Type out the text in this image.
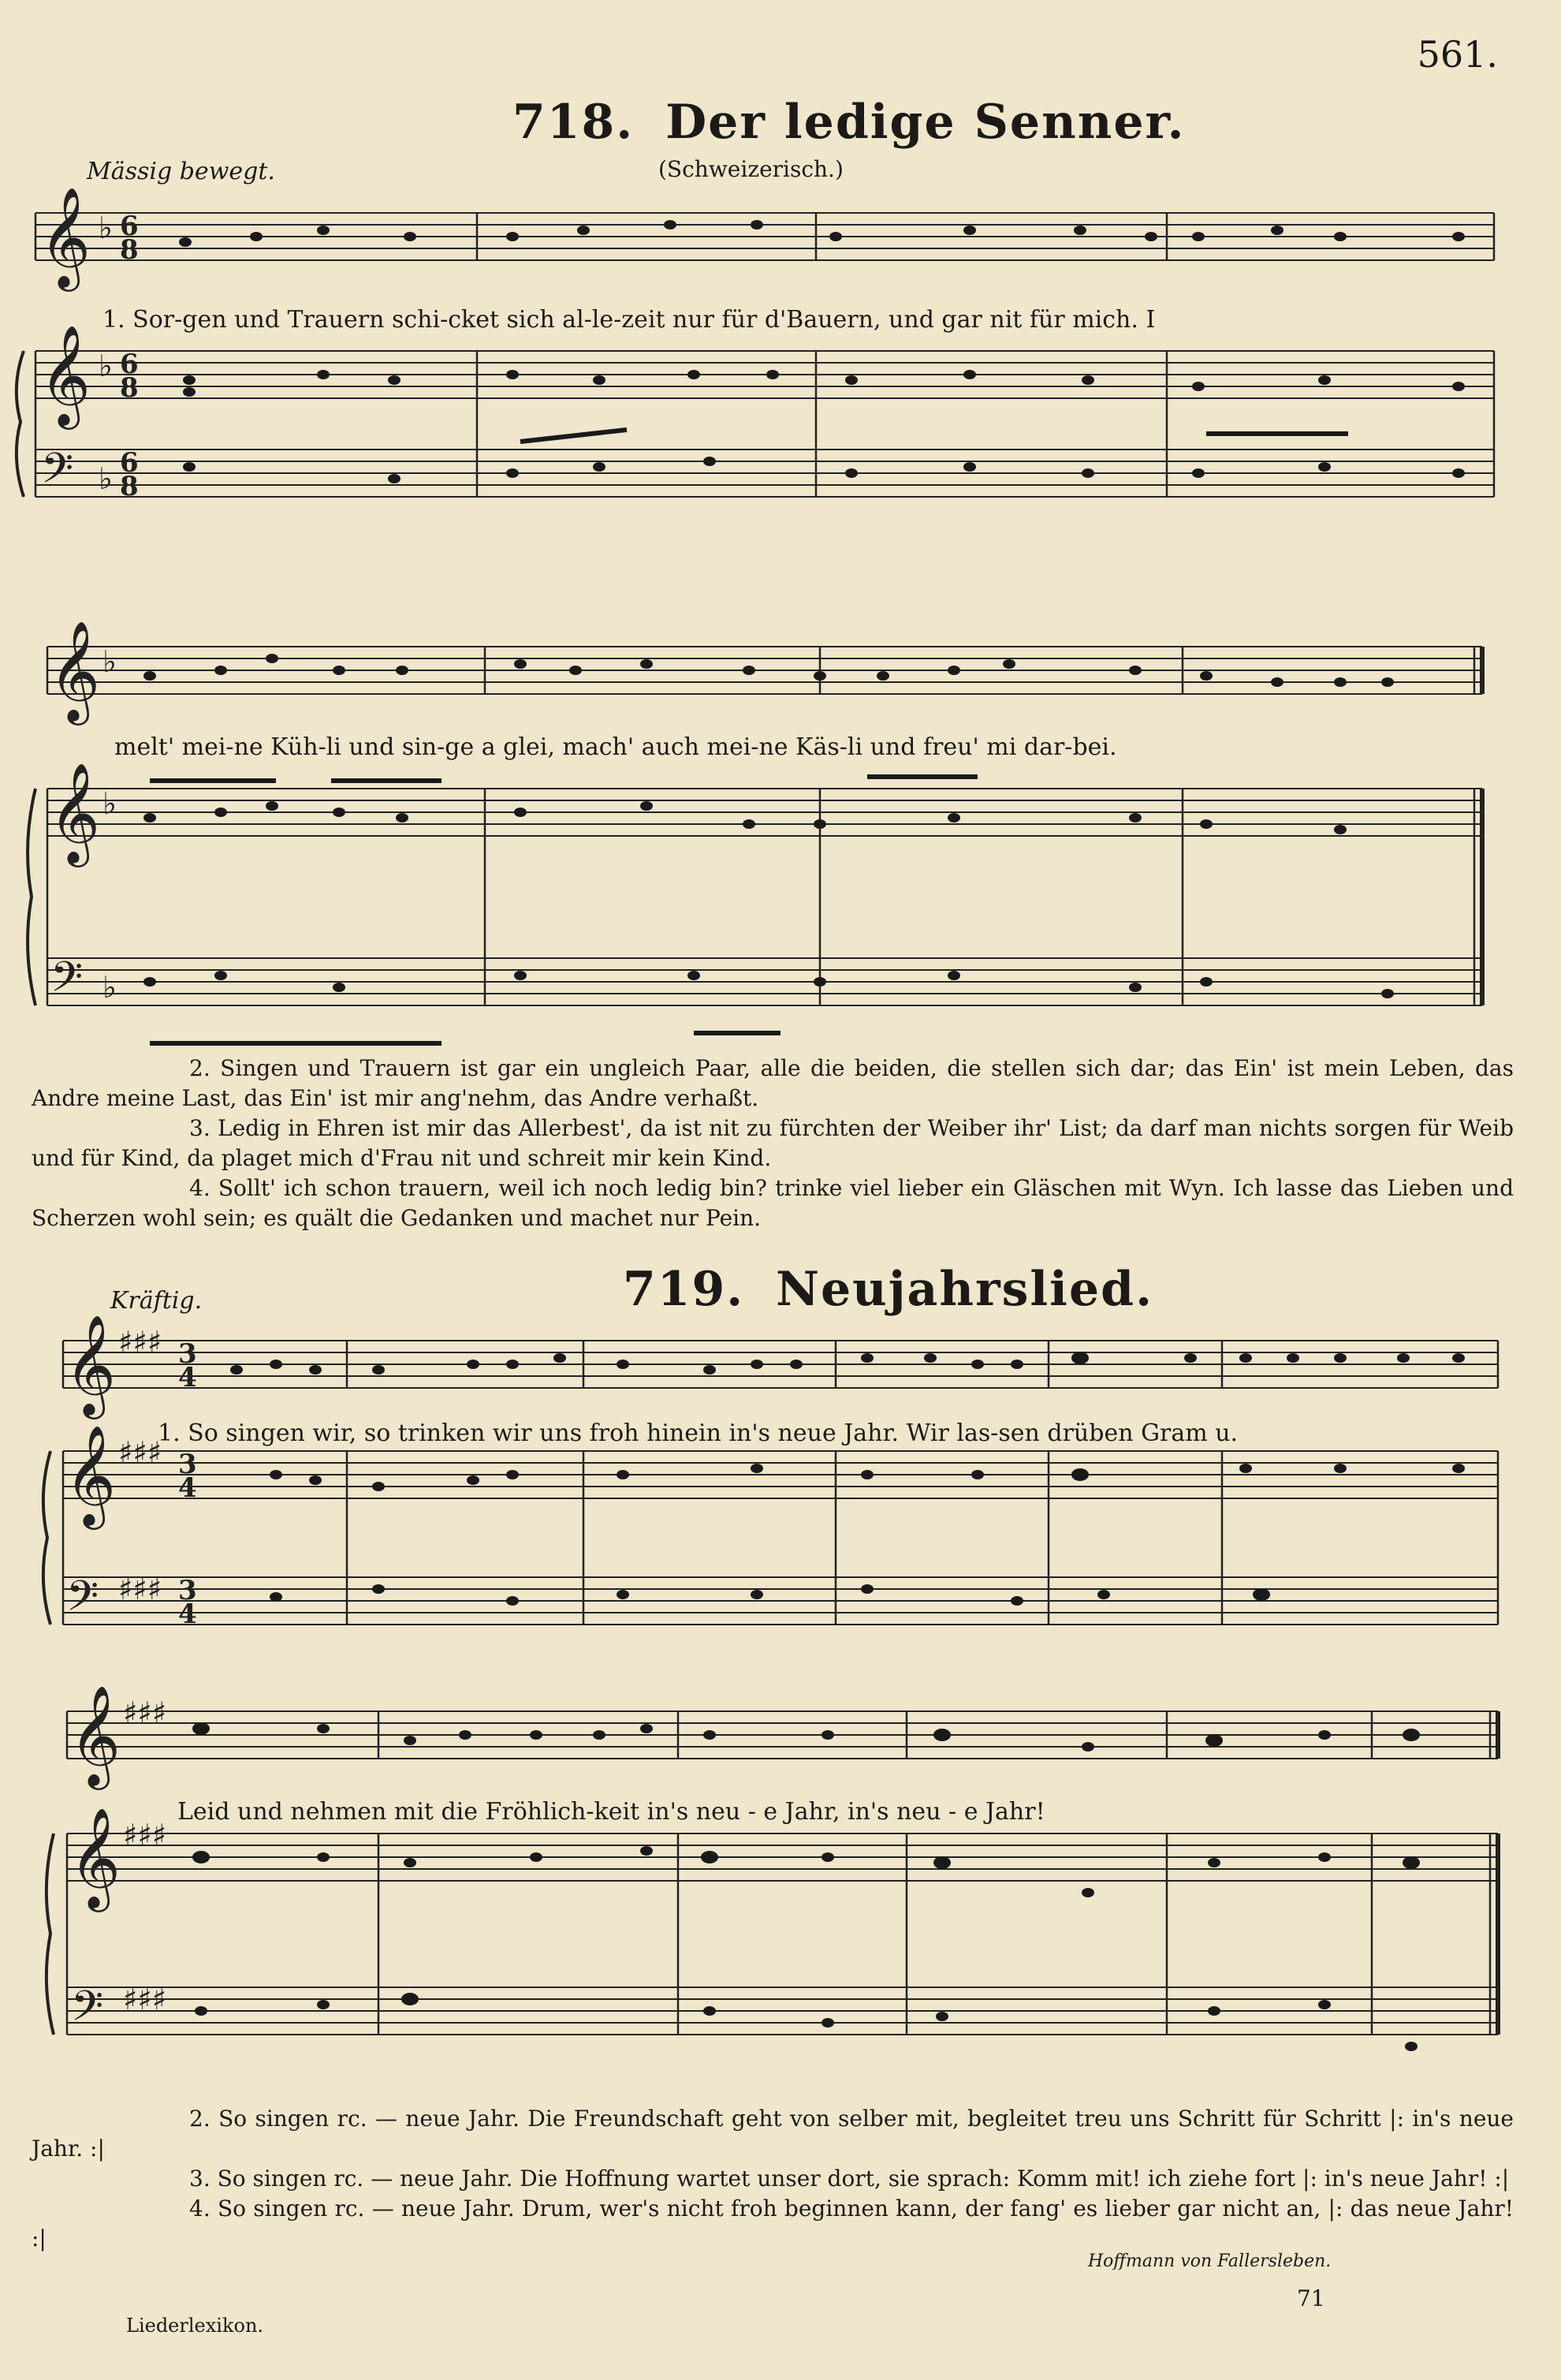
561.
718. Der ledige Senner.
Mässig bewegt.	(Schweizerisch.)
𝄞 ♭ 6
8
𝄞 ♭ 6
8
𝄢 ♭ 6
8
1. Sor-gen und Trauern schi-cket sich al-le-zeit nur für d'Bauern, und gar nit für mich. I
𝄞 ♭
𝄞 ♭
𝄢 ♭
melt' mei-ne Küh-li und sin-ge a glei, mach' auch mei-ne Käs-li und freu' mi dar-bei.

2. Singen und Trauern ist gar ein ungleich Paar, alle die beiden, die stellen sich dar; das Ein' ist mein Leben, das Andre meine Last, das Ein' ist mir ang'nehm, das Andre verhaßt.

3. Ledig in Ehren ist mir das Allerbest', da ist nit zu fürchten der Weiber ihr' List; da darf man nichts sorgen für Weib und für Kind, da plaget mich d'Frau nit und schreit mir kein Kind.

4. Sollt' ich schon trauern, weil ich noch ledig bin? trinke viel lieber ein Gläschen mit Wyn. Ich lasse das Lieben und Scherzen wohl sein; es quält die Gedanken und machet nur Pein.

719. Neujahrslied.
Kräftig.
𝄞 ♯♯♯ 3
4
𝄞 ♯♯♯ 3
4
𝄢 ♯♯♯ 3
4
1. So singen wir, so trinken wir uns froh hinein in's neue Jahr. Wir las-sen drüben Gram u.
𝄞 ♯♯♯
𝄞 ♯♯♯
𝄢 ♯♯♯
Leid und nehmen mit die Fröhlich-keit in's neu - e Jahr, in's neu - e Jahr!

2. So singen rc. — neue Jahr. Die Freundschaft geht von selber mit, begleitet treu uns Schritt für Schritt |: in's neue Jahr. :|

3. So singen rc. — neue Jahr. Die Hoffnung wartet unser dort, sie sprach: Komm mit! ich ziehe fort |: in's neue Jahr! :|

4. So singen rc. — neue Jahr. Drum, wer's nicht froh beginnen kann, der fang' es lieber gar nicht an, |: das neue Jahr! :|

Hoffmann von Fallersleben.
Liederlexikon.
71
